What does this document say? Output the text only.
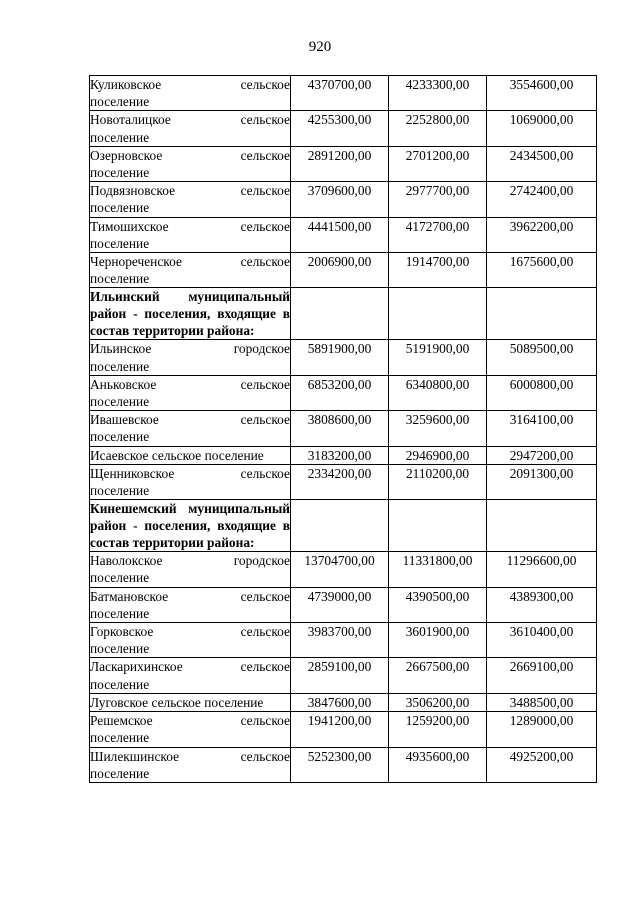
920
Куликовское сельское
поселение	4370700,00	4233300,00	3554600,00

Новоталицкое сельское
поселение	4255300,00	2252800,00	1069000,00

Озерновское сельское
поселение	2891200,00	2701200,00	2434500,00

Подвязновское сельское
поселение	3709600,00	2977700,00	2742400,00

Тимошихское сельское
поселение	4441500,00	4172700,00	3962200,00

Чернореченское сельское
поселение	2006900,00	1914700,00	1675600,00
Ильинский муниципальный район - поселения, входящие в состав территории района:			

Ильинское городское
поселение	5891900,00	5191900,00	5089500,00

Аньковское сельское
поселение	6853200,00	6340800,00	6000800,00

Ивашевское сельское
поселение	3808600,00	3259600,00	3164100,00
Исаевское сельское поселение	3183200,00	2946900,00	2947200,00

Щенниковское сельское
поселение	2334200,00	2110200,00	2091300,00
Кинешемский муниципальный район - поселения, входящие в состав территории района:			

Наволокское городское
поселение	13704700,00	11331800,00	11296600,00

Батмановское сельское
поселение	4739000,00	4390500,00	4389300,00

Горковское сельское
поселение	3983700,00	3601900,00	3610400,00

Ласкарихинское сельское
поселение	2859100,00	2667500,00	2669100,00
Луговское сельское поселение	3847600,00	3506200,00	3488500,00

Решемское сельское
поселение	1941200,00	1259200,00	1289000,00

Шилекшинское сельское
поселение	5252300,00	4935600,00	4925200,00
